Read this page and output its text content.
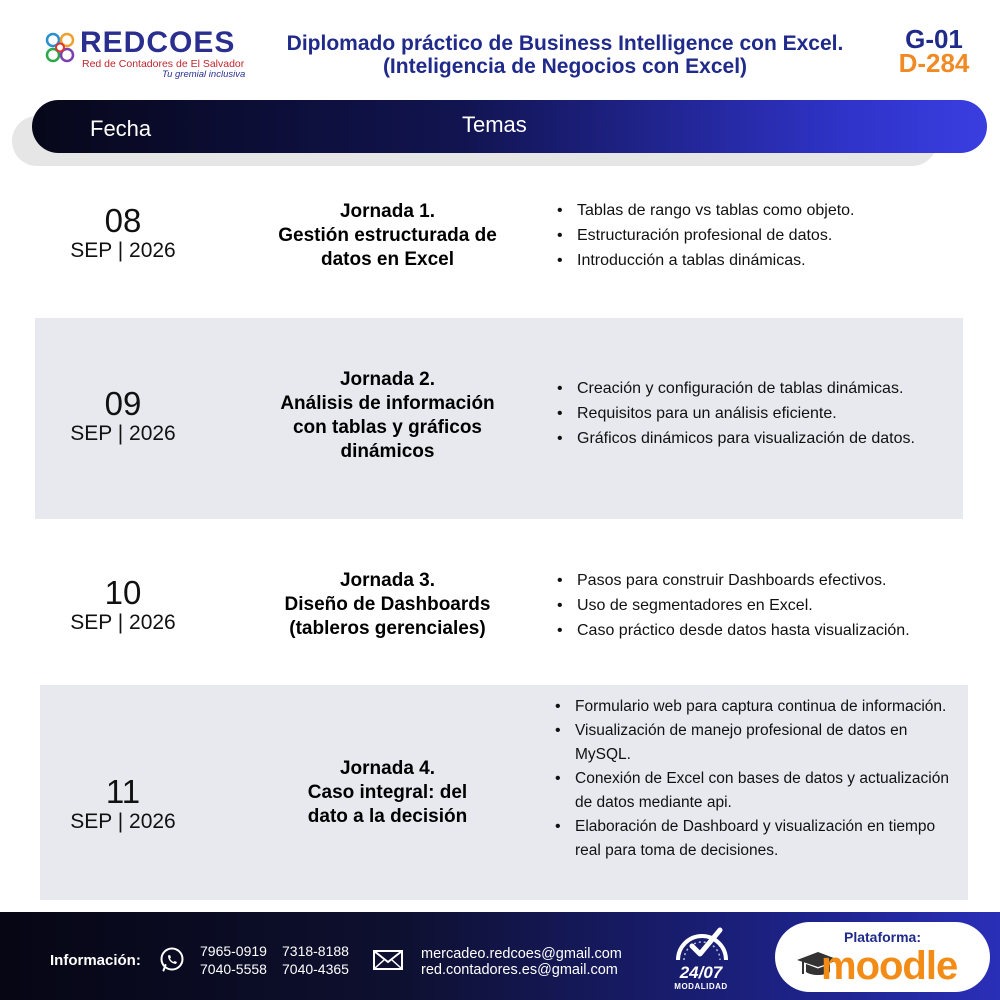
REDCOES
Red de Contadores de El Salvador
Tu gremial inclusiva
Diplomado práctico de Business Intelligence con Excel.
(Inteligencia de Negocios con Excel)
G-01
D-284
Fecha	Temas
08
SEP | 2026
Jornada 1.
Gestión estructurada de
datos en Excel
• Tablas de rango vs tablas como objeto.
• Estructuración profesional de datos.
• Introducción a tablas dinámicas.
09
SEP | 2026
Jornada 2.
Análisis de información
con tablas y gráficos
dinámicos
• Creación y configuración de tablas dinámicas.
• Requisitos para un análisis eficiente.
• Gráficos dinámicos para visualización de datos.
10
SEP | 2026
Jornada 3.
Diseño de Dashboards
(tableros gerenciales)
• Pasos para construir Dashboards efectivos.
• Uso de segmentadores en Excel.
• Caso práctico desde datos hasta visualización.
11
SEP | 2026
Jornada 4.
Caso integral: del
dato a la decisión
• Formulario web para captura continua de información.
• Visualización de manejo profesional de datos en MySQL.
• Conexión de Excel con bases de datos y actualización de datos mediante api.
• Elaboración de Dashboard y visualización en tiempo real para toma de decisiones.
Información:
7965-0919 7318-8188
7040-5558 7040-4365
mercadeo.redcoes@gmail.com
red.contadores.es@gmail.com	24/07
MODALIDAD
Plataforma:
moodle
